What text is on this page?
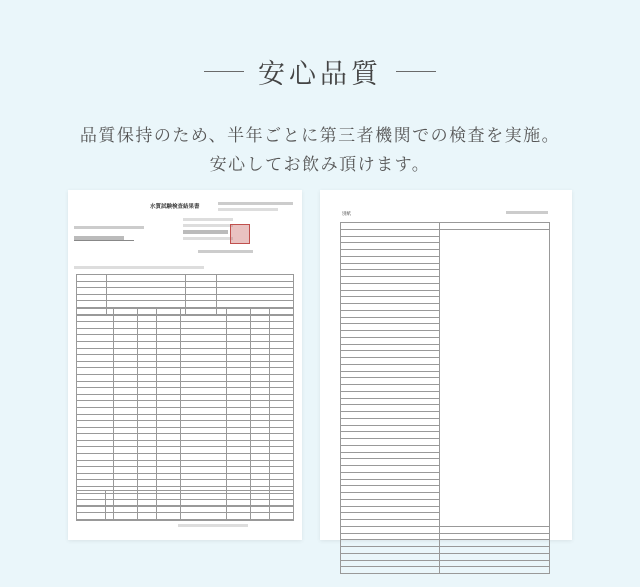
安心品質
品質保持のため、半年ごとに第三者機関での検査を実施。
安心してお飲み頂けます。
水質試験検査結果書

別紙
